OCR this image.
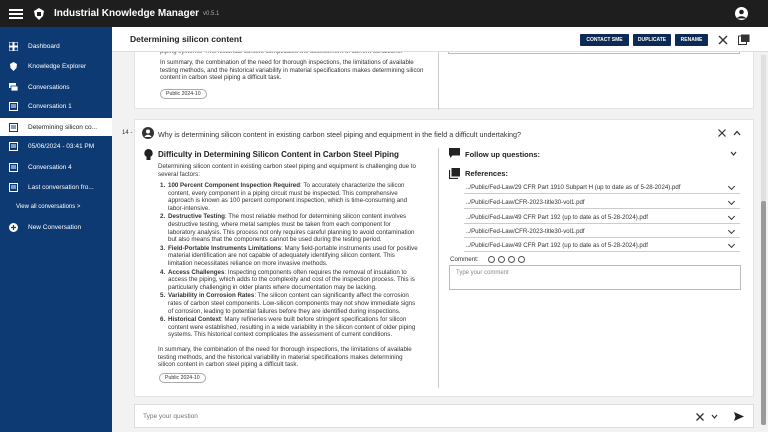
Industrial Knowledge Manager v0.5.1
Dashboard
Knowledge Explorer
Conversations
Conversation 1
Determining silicon co...
05/06/2024 - 03:41 PM
Conversation 4
Last conversation fro...
View all conversations >
New Conversation
In summary, the combination of the need for thorough inspections, the limitations of available testing methods, and the historical variability in material specifications makes determining silicon content in carbon steel piping a difficult task.
Public 2024-10
Determining silicon content	CONTACT SME	DUPLICATE	RENAME
14 -	Why is determining silicon content in existing carbon steel piping and equipment in the field a difficult undertaking?
Difficulty in Determining Silicon Content in Carbon Steel Piping
Determining silicon content in existing carbon steel piping and equipment is challenging due to several factors:
1. 100 Percent Component Inspection Required: To accurately characterize the silicon content, every component in a piping circuit must be inspected. This comprehensive approach is known as 100 percent component inspection, which is time-consuming and labor-intensive.
2. Destructive Testing: The most reliable method for determining silicon content involves destructive testing, where metal samples must be taken from each component for laboratory analysis. This process not only requires careful planning to avoid contamination but also means that the components cannot be used during the testing period.
3. Field-Portable Instruments Limitations: Many field-portable instruments used for positive material identification are not capable of adequately identifying silicon content. This limitation necessitates reliance on more invasive methods.
4. Access Challenges: Inspecting components often requires the removal of insulation to access the piping, which adds to the complexity and cost of the inspection process. This is particularly challenging in older plants where documentation may be lacking.
5. Variability in Corrosion Rates: The silicon content can significantly affect the corrosion rates of carbon steel components. Low-silicon components may not show immediate signs of corrosion, leading to potential failures before they are identified during inspections.
6. Historical Context: Many refineries were built before stringent specifications for silicon content were established, resulting in a wide variability in the silicon content of older piping systems. This historical context complicates the assessment of current conditions.
In summary, the combination of the need for thorough inspections, the limitations of available testing methods, and the historical variability in material specifications makes determining silicon content in carbon steel piping a difficult task.
Public 2024-10
Follow up questions:
References:
../Public/Fed-Law/29 CFR Part 1910 Subpart H (up to date as of 5-28-2024).pdf
../Public/Fed-Law/CFR-2023-title30-vol1.pdf
../Public/Fed-Law/49 CFR Part 192 (up to date as of 5-28-2024).pdf
../Public/Fed-Law/CFR-2023-title30-vol1.pdf
../Public/Fed-Law/49 CFR Part 192 (up to date as of 5-28-2024).pdf
Comment:
Type your comment
Type your question
